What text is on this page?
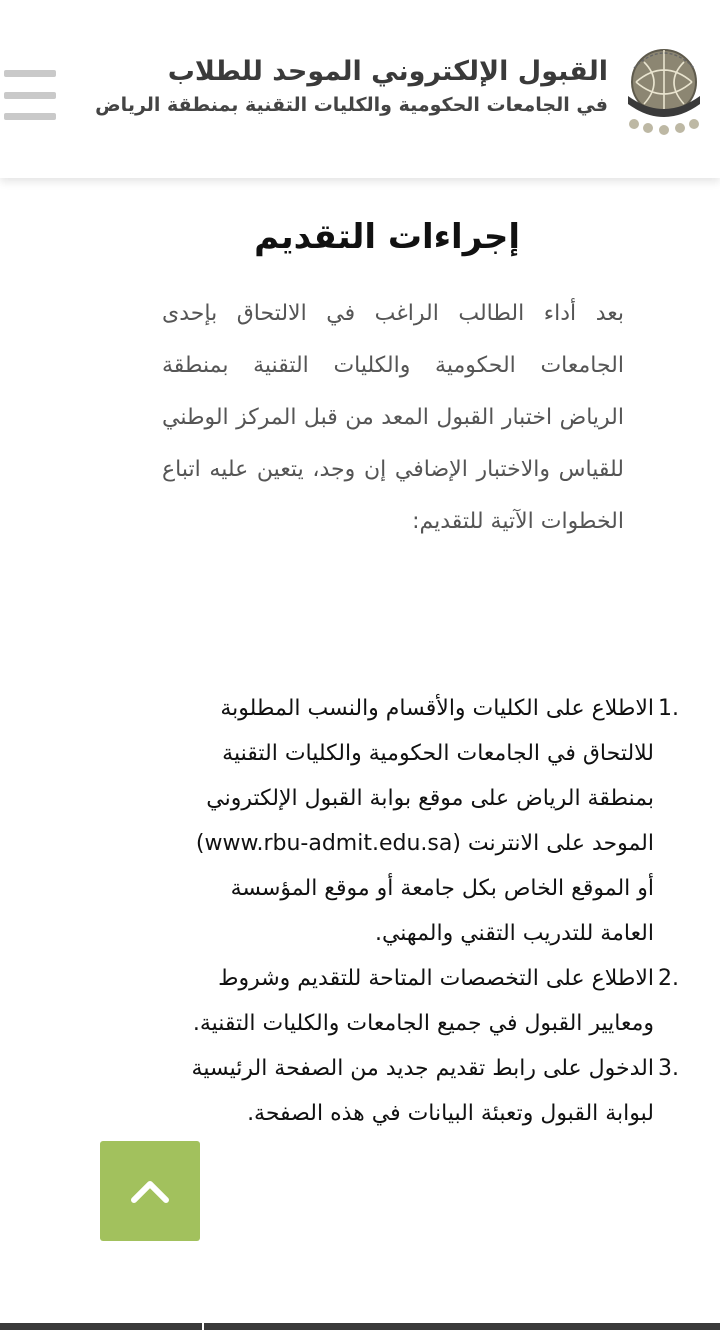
القبول الإلكتروني الموحد للطلاب
في الجامعات الحكومية والكليات التقنية بمنطقة الرياض
إجراءات التقديم

بعد أداء الطالب الراغب في الالتحاق بإحدى الجامعات الحكومية والكليات التقنية بمنطقة الرياض اختبار القبول المعد من قبل المركز الوطني للقياس والاختبار الإضافي إن وجد، يتعين عليه اتباع الخطوات الآتية للتقديم:

1.
الاطلاع على الكليات والأقسام والنسب المطلوبة للالتحاق في الجامعات الحكومية والكليات التقنية بمنطقة الرياض على موقع بوابة القبول الإلكتروني الموحد على الانترنت (www.rbu-admit.edu.sa) أو الموقع الخاص بكل جامعة أو موقع المؤسسة العامة للتدريب التقني والمهني.
2.
الاطلاع على التخصصات المتاحة للتقديم وشروط ومعايير القبول في جميع الجامعات والكليات التقنية.
3.
الدخول على رابط تقديم جديد من الصفحة الرئيسية لبوابة القبول وتعبئة البيانات في هذه الصفحة.
